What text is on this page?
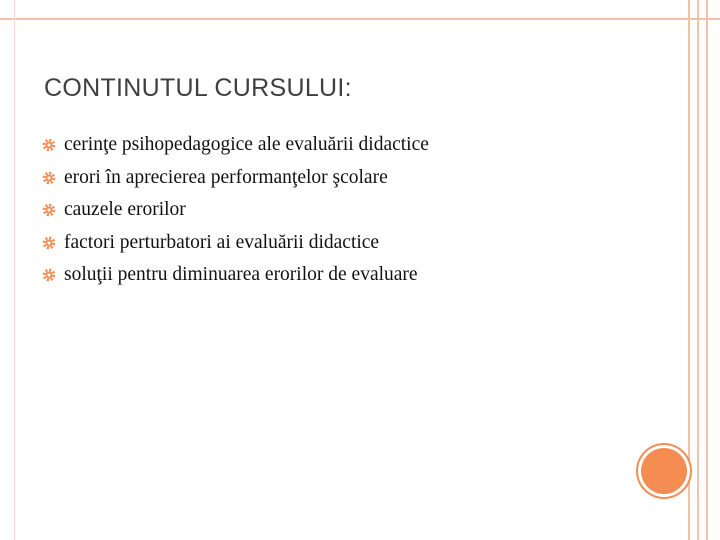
CONTINUTUL CURSULUI:
cerinţe psihopedagogice ale evaluării didactice
erori în aprecierea performanţelor şcolare
cauzele erorilor
factori perturbatori ai evaluării didactice
soluţii pentru diminuarea erorilor de evaluare
